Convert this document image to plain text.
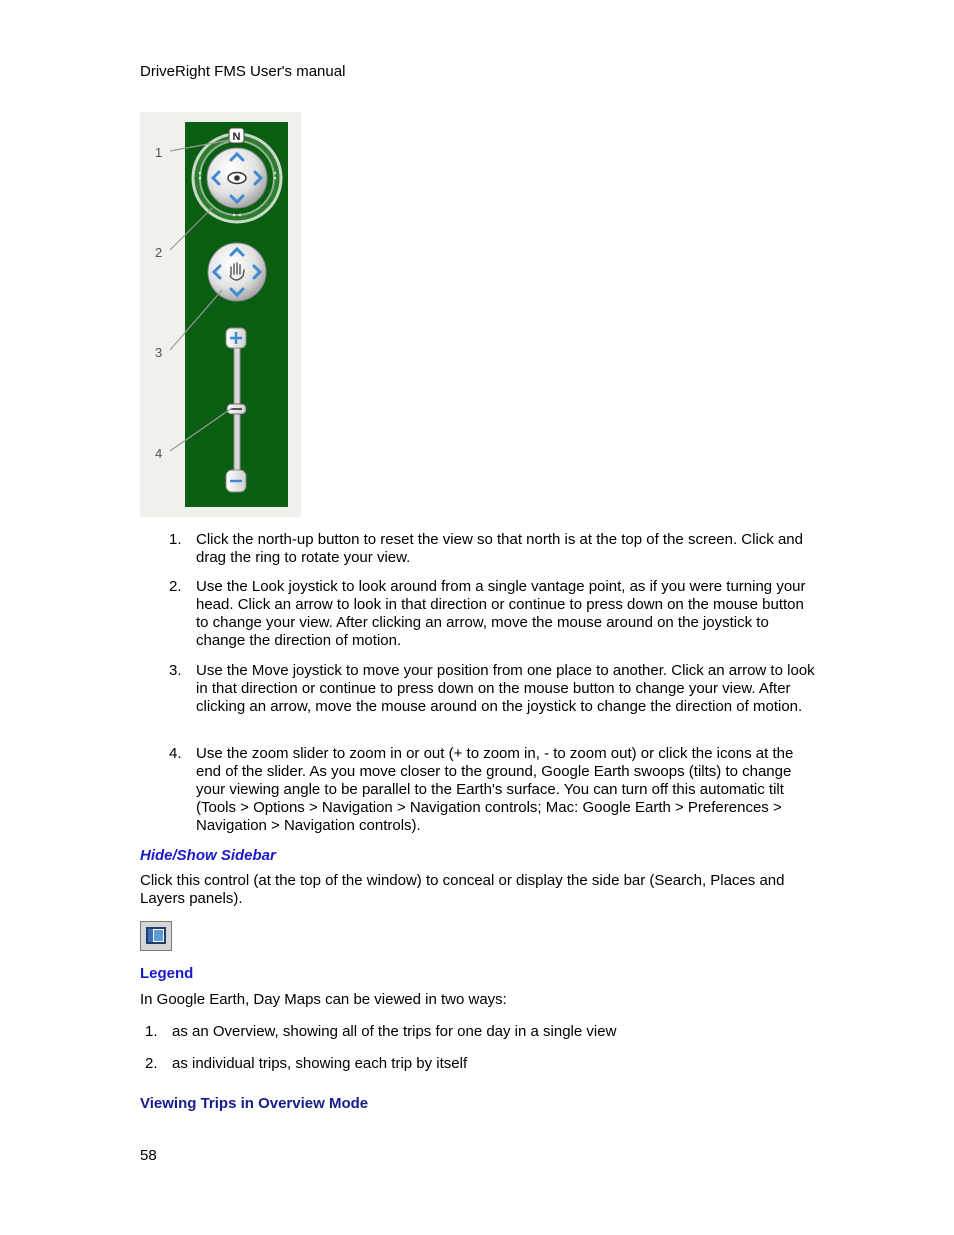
DriveRight FMS User's manual
N
1
2
3
4
1. Click the north-up button to reset the view so that north is at the top of the screen. Click and drag the ring to rotate your view.
2. Use the Look joystick to look around from a single vantage point, as if you were turning your head. Click an arrow to look in that direction or continue to press down on the mouse button to change your view. After clicking an arrow, move the mouse around on the joystick to change the direction of motion.
3. Use the Move joystick to move your position from one place to another. Click an arrow to look in that direction or continue to press down on the mouse button to change your view. After clicking an arrow, move the mouse around on the joystick to change the direction of motion.
4. Use the zoom slider to zoom in or out (+ to zoom in, - to zoom out) or click the icons at the end of the slider. As you move closer to the ground, Google Earth swoops (tilts) to change your viewing angle to be parallel to the Earth's surface. You can turn off this automatic tilt (Tools > Options > Navigation > Navigation controls; Mac: Google Earth > Preferences > Navigation > Navigation controls).
Hide/Show Sidebar
Click this control (at the top of the window) to conceal or display the side bar (Search, Places and Layers panels).
Legend
In Google Earth, Day Maps can be viewed in two ways:
1. as an Overview, showing all of the trips for one day in a single view
2. as individual trips, showing each trip by itself
Viewing Trips in Overview Mode
58
